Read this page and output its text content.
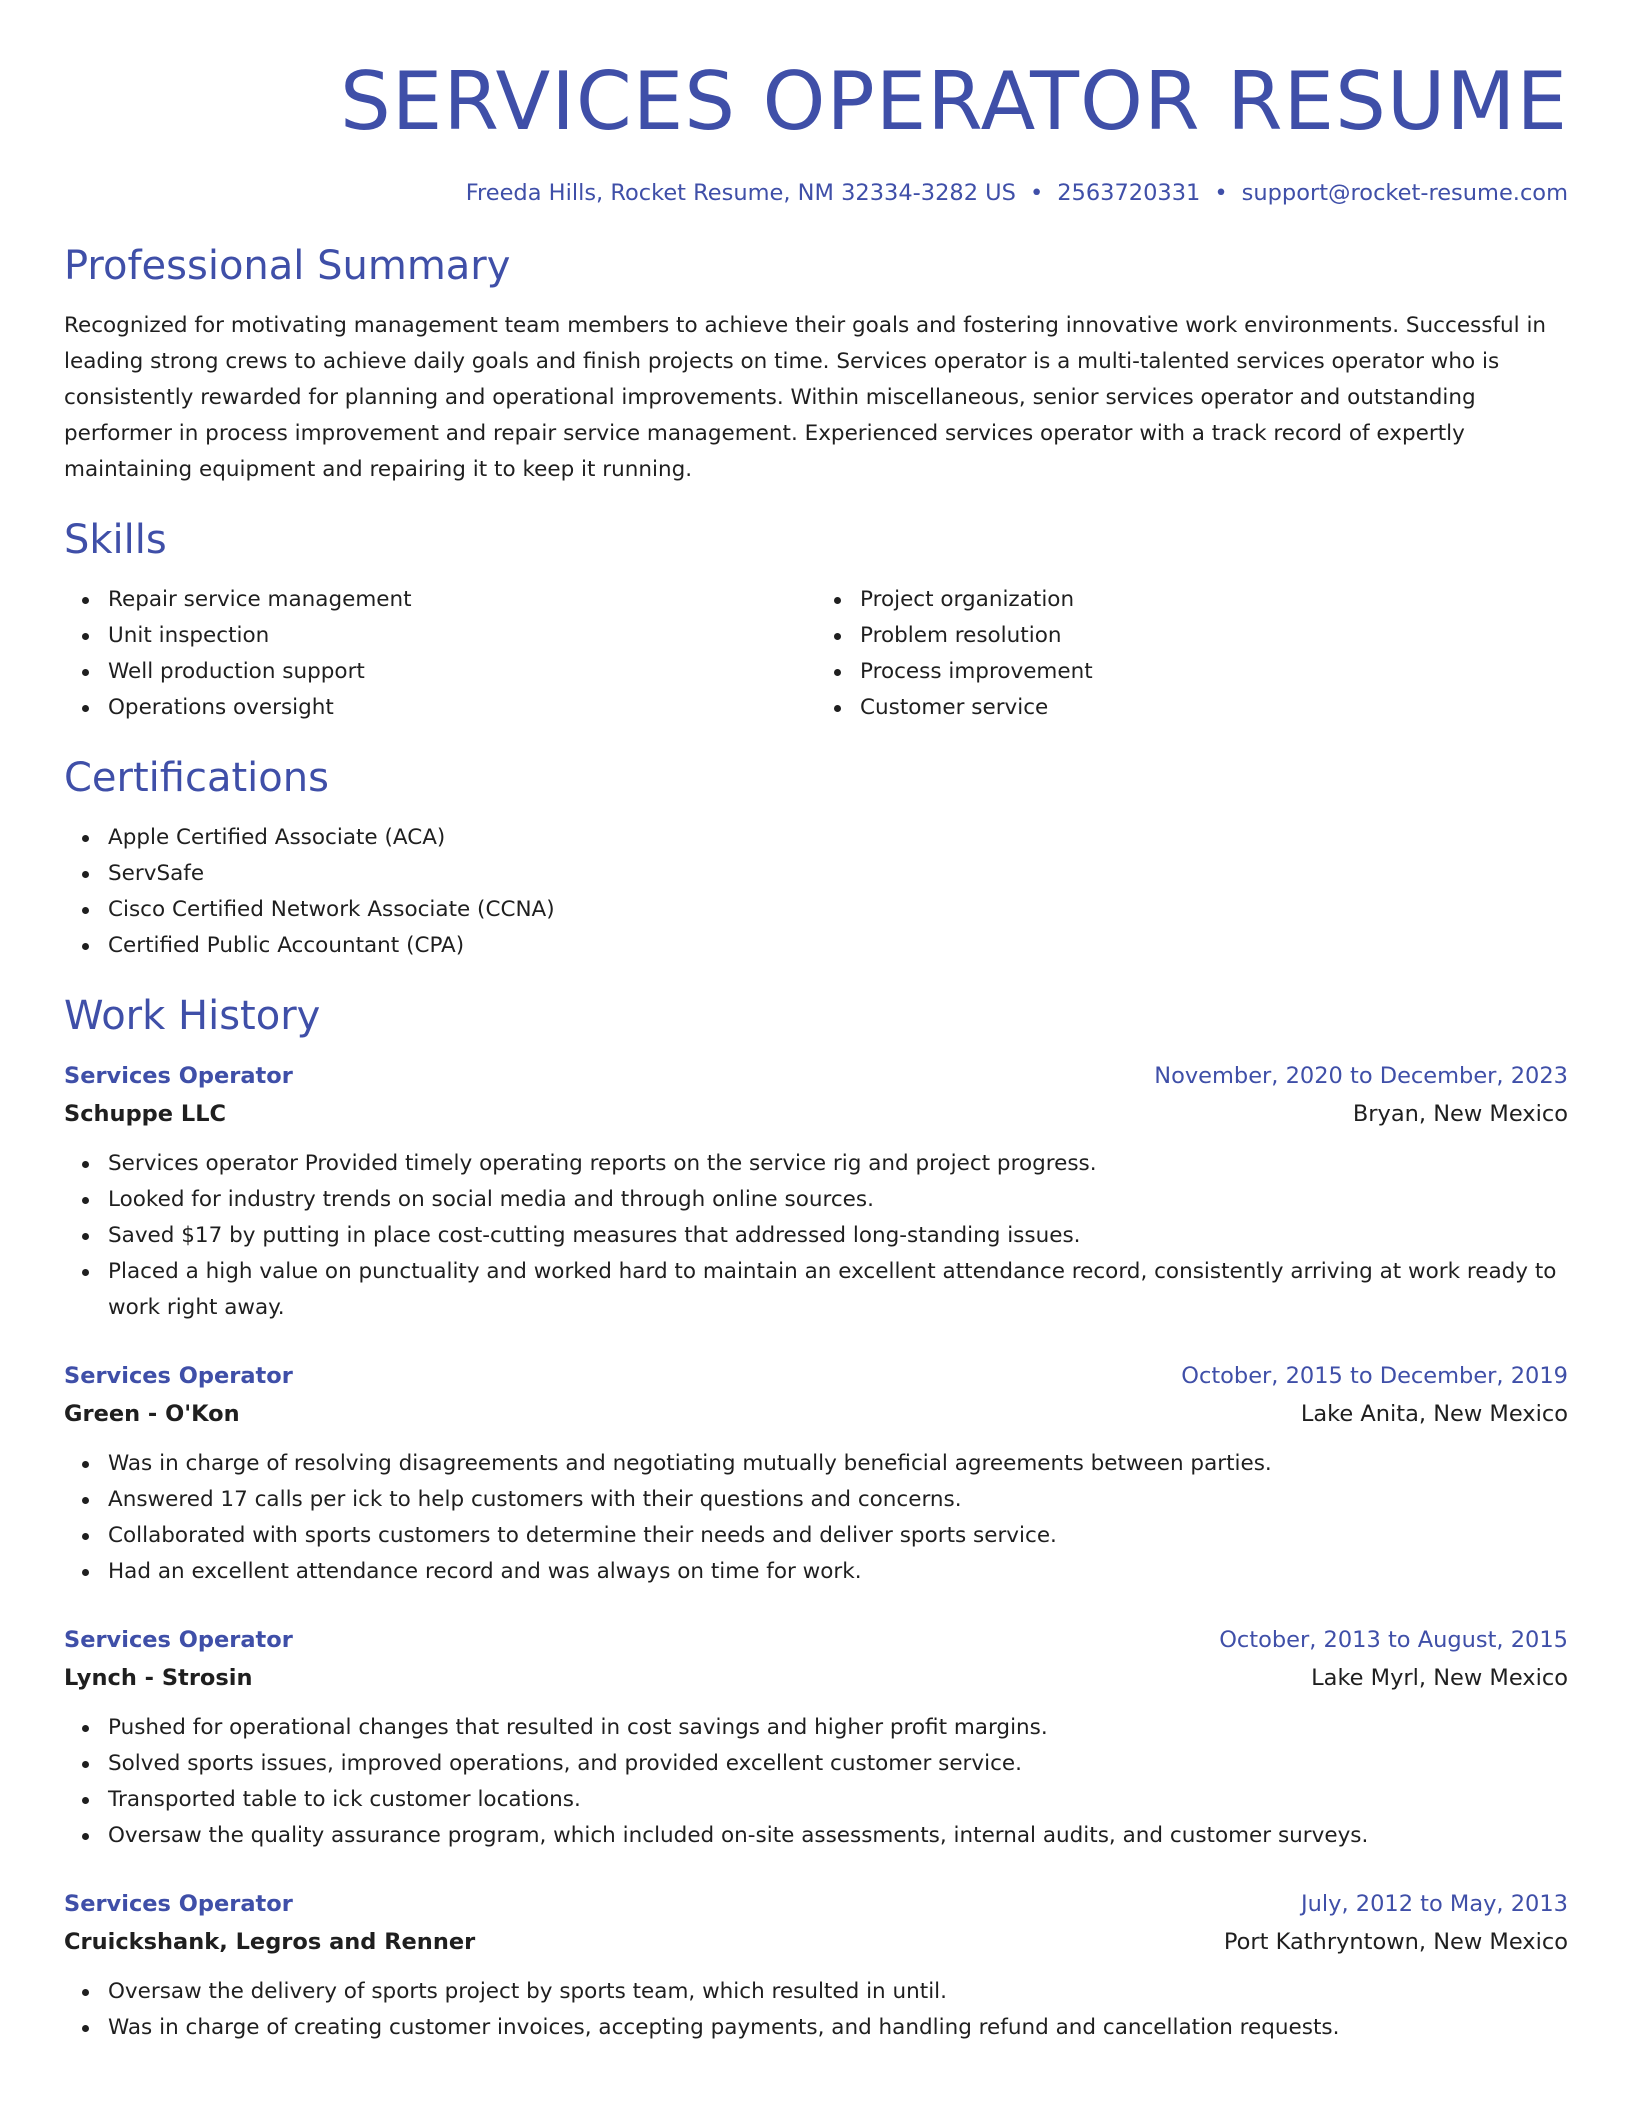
SERVICES OPERATOR RESUME
Freeda Hills, Rocket Resume, NM 32334-3282 US • 2563720331 • support@rocket-resume.com
Professional Summary

Recognized for motivating management team members to achieve their goals and fostering innovative work environments. Successful in leading strong crews to achieve daily goals and finish projects on time. Services operator is a multi-talented services operator who is consistently rewarded for planning and operational improvements. Within miscellaneous, senior services operator and outstanding performer in process improvement and repair service management. Experienced services operator with a track record of expertly maintaining equipment and repairing it to keep it running.

Skills
Repair service management
Unit inspection
Well production support
Operations oversight
Project organization
Problem resolution
Process improvement
Customer service
Certifications
Apple Certified Associate (ACA)
ServSafe
Cisco Certified Network Associate (CCNA)
Certified Public Accountant (CPA)
Work History
Services Operator	November, 2020 to December, 2023
Schuppe LLC	Bryan, New Mexico
Services operator Provided timely operating reports on the service rig and project progress.
Looked for industry trends on social media and through online sources.
Saved $17 by putting in place cost-cutting measures that addressed long-standing issues.
Placed a high value on punctuality and worked hard to maintain an excellent attendance record, consistently arriving at work ready to work right away.
Services Operator	October, 2015 to December, 2019
Green - O'Kon	Lake Anita, New Mexico
Was in charge of resolving disagreements and negotiating mutually beneficial agreements between parties.
Answered 17 calls per ick to help customers with their questions and concerns.
Collaborated with sports customers to determine their needs and deliver sports service.
Had an excellent attendance record and was always on time for work.
Services Operator	October, 2013 to August, 2015
Lynch - Strosin	Lake Myrl, New Mexico
Pushed for operational changes that resulted in cost savings and higher profit margins.
Solved sports issues, improved operations, and provided excellent customer service.
Transported table to ick customer locations.
Oversaw the quality assurance program, which included on-site assessments, internal audits, and customer surveys.
Services Operator	July, 2012 to May, 2013
Cruickshank, Legros and Renner	Port Kathryntown, New Mexico
Oversaw the delivery of sports project by sports team, which resulted in until.
Was in charge of creating customer invoices, accepting payments, and handling refund and cancellation requests.
